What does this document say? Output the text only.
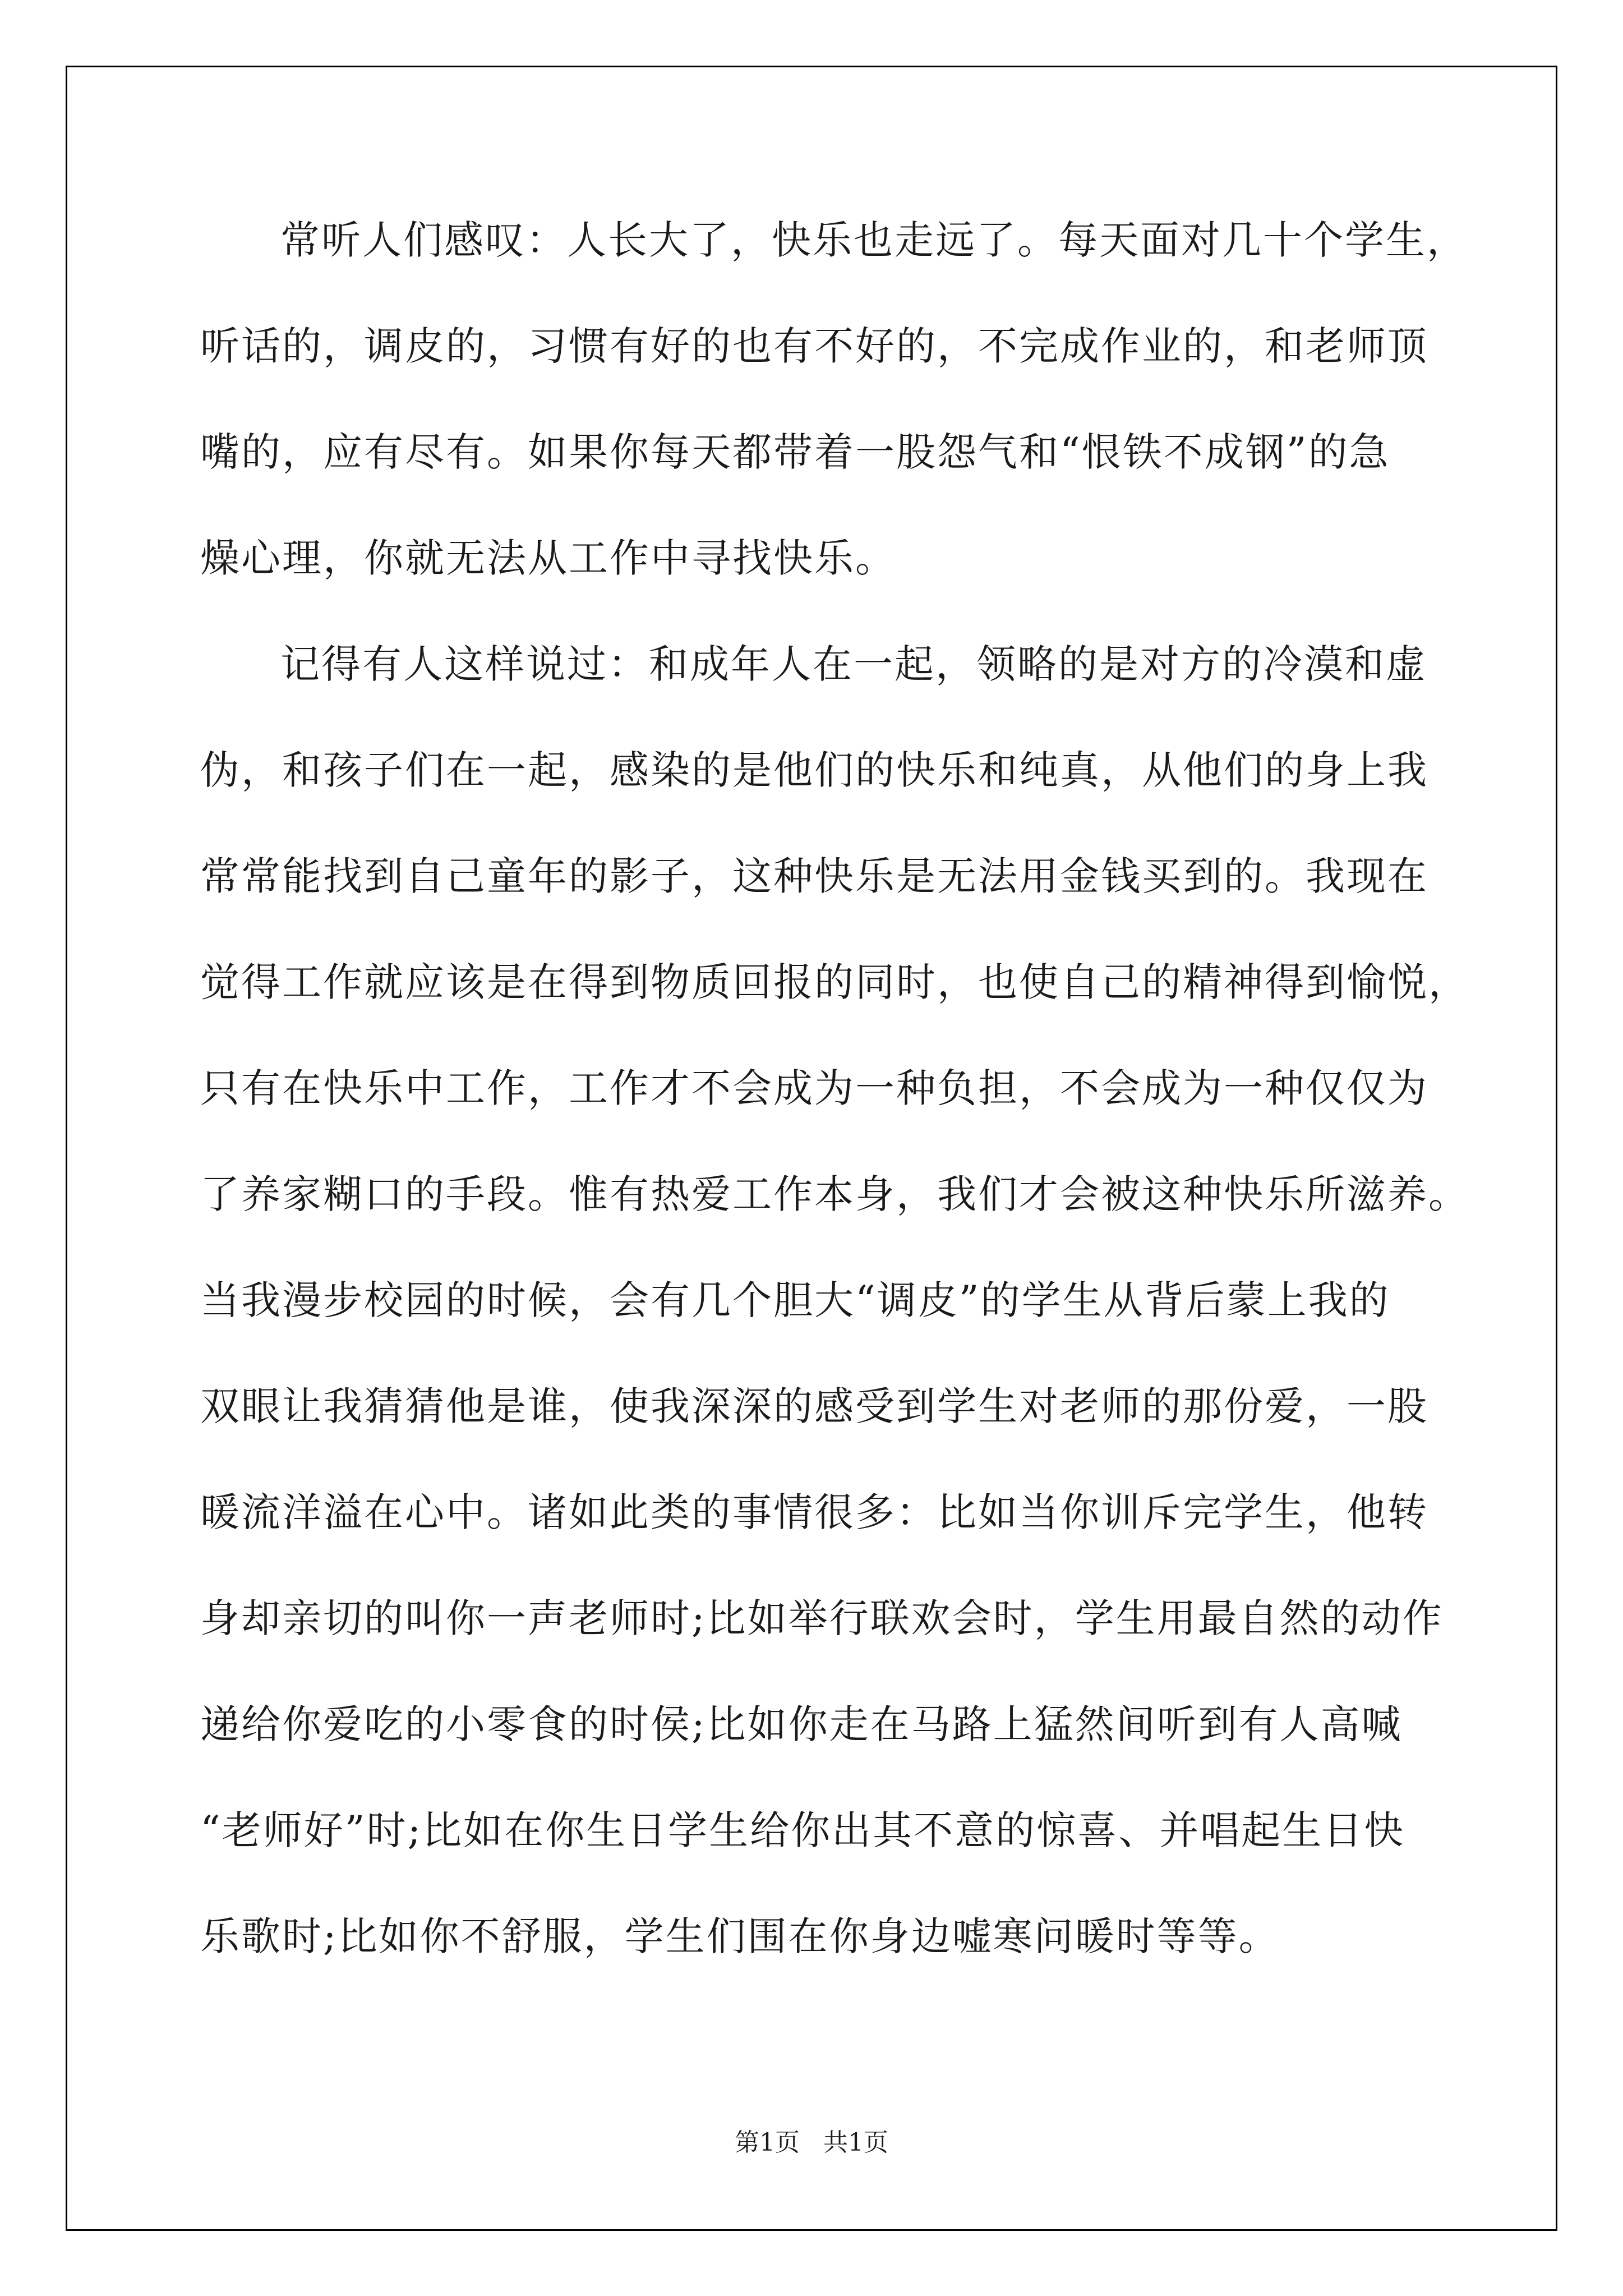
常听人们感叹：人长大了，快乐也走远了。每天面对几十个学生，
听话的，调皮的，习惯有好的也有不好的，不完成作业的，和老师顶
嘴的，应有尽有。如果你每天都带着一股怨气和“恨铁不成钢”的急
燥心理，你就无法从工作中寻找快乐。
记得有人这样说过：和成年人在一起，领略的是对方的冷漠和虚
伪，和孩子们在一起，感染的是他们的快乐和纯真，从他们的身上我
常常能找到自己童年的影子，这种快乐是无法用金钱买到的。我现在
觉得工作就应该是在得到物质回报的同时，也使自己的精神得到愉悦，
只有在快乐中工作，工作才不会成为一种负担，不会成为一种仅仅为
了养家糊口的手段。惟有热爱工作本身，我们才会被这种快乐所滋养。
当我漫步校园的时候，会有几个胆大“调皮”的学生从背后蒙上我的
双眼让我猜猜他是谁，使我深深的感受到学生对老师的那份爱，一股
暖流洋溢在心中。诸如此类的事情很多：比如当你训斥完学生，他转
身却亲切的叫你一声老师时;比如举行联欢会时，学生用最自然的动作
递给你爱吃的小零食的时侯;比如你走在马路上猛然间听到有人高喊
“老师好”时;比如在你生日学生给你出其不意的惊喜、并唱起生日快
乐歌时;比如你不舒服，学生们围在你身边嘘寒问暖时等等。
第1页 共1页
